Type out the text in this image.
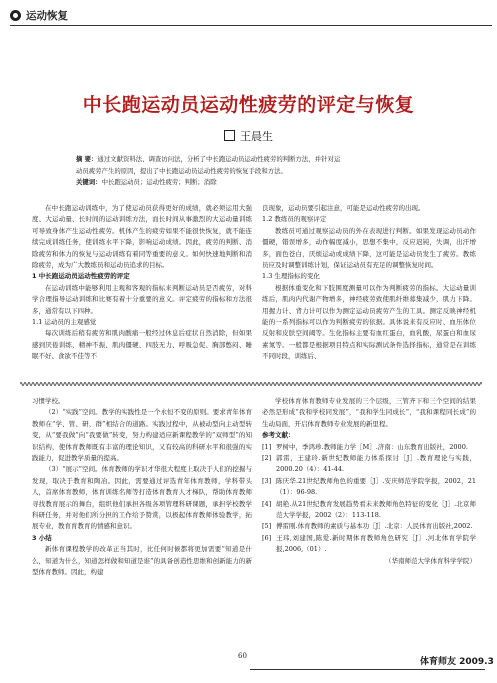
运动恢复
中长跑运动员运动性疲劳的评定与恢复
王晨生
摘 要：通过文献资料法、调查访问法，分析了中长跑运动员运动性疲劳的判断方法，并针对运
动员疲劳产生的原因，提出了中长跑运动员运动性疲劳的恢复手段和方法。
关键词：中长跑运动员；运动性疲劳；判断；消除

在中长跑运动训练中，为了使运动员获得更好的成绩，就必须运用大强度、大运动量、长时间的运动训练方法，而长时间从事激烈的大运动量训练可导致身体产生运动性疲劳。机体产生的疲劳如果不能很快恢复，就不能连续完成训练任务，使训练水平下降，影响运动成绩。因此，疲劳的判断、消除疲劳和体力的恢复与运动训练有着同等重要的意义。如何快速地判断和消除疲劳，成为广大教练员和运动员追求的目标。

1 中长跑运动员运动性疲劳的评定

在运动训练中能够利用主观和客观的指标来判断运动员是否疲劳，对科学合理指导运动训练和比赛有着十分重要的意义。评定疲劳的指标和方法很多，通常有以下四种。

1.1 运动员的主观感觉

每次训练后稍有疲劳和肌肉酸痛一般经过休息后症状自然消除，但如果感到厌倦训练、精神不振、肌肉僵硬、四肢无力、呼吸急促、胸部憋闷、睡眠不好、食欲不佳等不

良现象，运动员要引起注意，可能是运动性疲劳的出现。

1.2 教练员的观察评定

教练员可通过观察运动员的外在表现进行判断。如果发现运动员动作僵硬，错误增多，动作幅度减小，思想不集中，反应迟钝，失调，出汗增多，面色苍白，厌烦运动或成绩下降，这可能是运动员发生了疲劳。教练员应及时调整训练计划，保证运动员有充足的调整恢复时间。

1.3 生理指标的变化

根据体重变化和下肢围度测量可以作为判断疲劳的指标。大运动量训练后，肌肉内代谢产物增多，神经疲劳致使肌纤维募集减少，肌力下降。用握力计、背力计可以作为测定运动员疲劳产生的工具。测定反映神经机能的一系列指标可以作为判断疲劳的依据。具体说来有反应时、血压体位反射和皮肤空间阈等。生化指标主要有血红蛋白，血乳酸，尿蛋白和血尿素氮等。一般都是根据项目特点和实际测试条件选择指标，通常是在训练不同时段，训练后、

习惯学校。

（2）“实践”空间。教学的实践性是一个永恒不变的原则。要求青年体育教师在“学、管、研、群”相结合的道路。实践过程中，从被动型向主动型转变，从“要我做”向“我要做”转变，努力构建适应新课程教学的“双师型”的知识结构，使体育教师既有丰富的理论知识，又有较高的科研水平和很强的实践能力，促进教学质量的提高。

（3）“展示”空间。体育教师的学识才华很大程度上取决于人们的挖掘与发现，取决于教育和陶冶。因此，需要通过评选青年体育教师，学科带头人，首席体育教师，体育训练名师等打造体育教育人才梯队，帮助体育教师寻找教育展示的舞台，组织他们承担各级各项管理科研课题，承担学校教学科研任务，并对他们所分担的工作给予赞赏，以极起体育教师体验教学，拓展专业，教育育教育的情感和意识。

3 小结

新体育课程教学的改革正当其时，比任何时候都将更加需要“知道是什么，知道为什么，知道怎样做和知道是谁”的具备创造性思维和创新能力的新型体育教师。因此，构建

学校体育体育教师专业发展的三个层级，三管齐下和三个空间的结果必然是形成“我和学校同发展”，“我和学生同成长”，“我和课程同长成”的生动局面，开启体育教师专业发展的新里程。

参考文献：

[1] 罗树中，季鸿珍.教师能力学［M］.济南：山东教育出版社，2000.

[2] 郭雷，王建玲.新世纪教师能力体系探讨［J］.教育理论与实践，2000.20（4）：41-44.

[3] 陈庆华.21世纪教师角色的重要［J］.安庆师范学院学报，2002，21（1）：96-98.

[4] 胡艳.从21世纪教育发展趋势看未来教师角色特征的变化［J］.北京师范大学学报，2002（2）：113-118.

[5] 傅雷刚.体育教师的素质与基本功［J］.北京：人民体育出版社,2002.

[6] 王玮,刘建国,陈爱.新时期体育教师角色研究［J］.河北体育学院学报,2006,（01）.

（华南师范大学体育科学学院）

60
体育师友 2009.3
